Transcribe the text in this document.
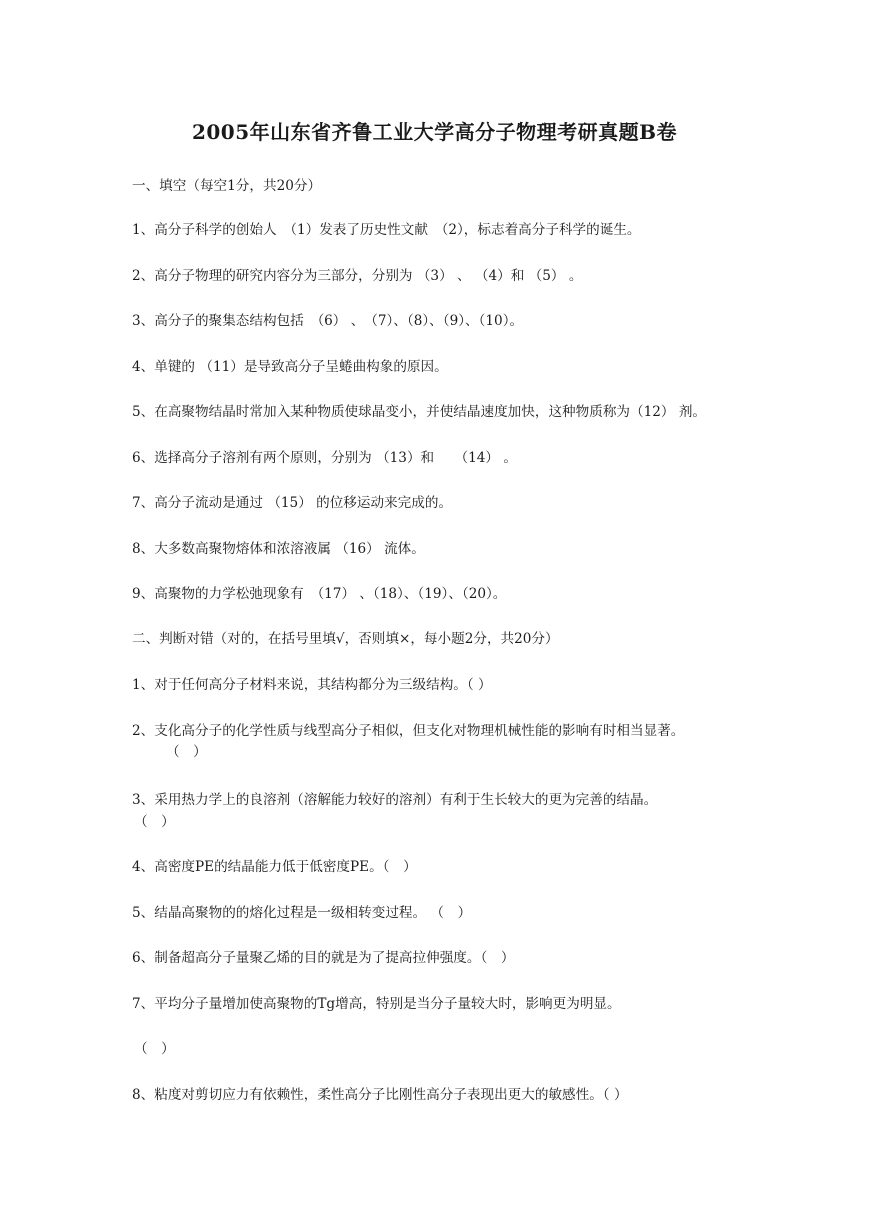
2005年山东省齐鲁工业大学高分子物理考研真题B卷
一、填空（每空1分，共20分）
1、高分子科学的创始人　（1）发表了历史性文献　（2），标志着高分子科学的诞生。
2、高分子物理的研究内容分为三部分，分别为 （3） 、 （4）和 （5） 。
3、高分子的聚集态结构包括　（6） 、　（7）、（8）、（9）、（10）。
4、单键的 （11）是导致高分子呈蜷曲构象的原因。
5、在高聚物结晶时常加入某种物质使球晶变小，并使结晶速度加快，这种物质称为（12） 剂。
6、选择高分子溶剂有两个原则，分别为 （13）和　　（14） 。
7、高分子流动是通过 （15） 的位移运动来完成的。
8、大多数高聚物熔体和浓溶液属 （16） 流体。
9、高聚物的力学松弛现象有　（17） 、（18）、（19）、（20）。
二、判断对错（对的，在括号里填√，否则填×，每小题2分，共20分）
1、对于任何高分子材料来说，其结构都分为三级结构。（ ）
2、支化高分子的化学性质与线型高分子相似，但支化对物理机械性能的影响有时相当显著。
（　）
3、采用热力学上的良溶剂（溶解能力较好的溶剂）有利于生长较大的更为完善的结晶。
（　）
4、高密度PE的结晶能力低于低密度PE。（　）
5、结晶高聚物的的熔化过程是一级相转变过程。 （　）
6、制备超高分子量聚乙烯的目的就是为了提高拉伸强度。（　）
7、平均分子量增加使高聚物的Tg增高，特别是当分子量较大时，影响更为明显。
（　）
8、粘度对剪切应力有依赖性，柔性高分子比刚性高分子表现出更大的敏感性。（ ）
